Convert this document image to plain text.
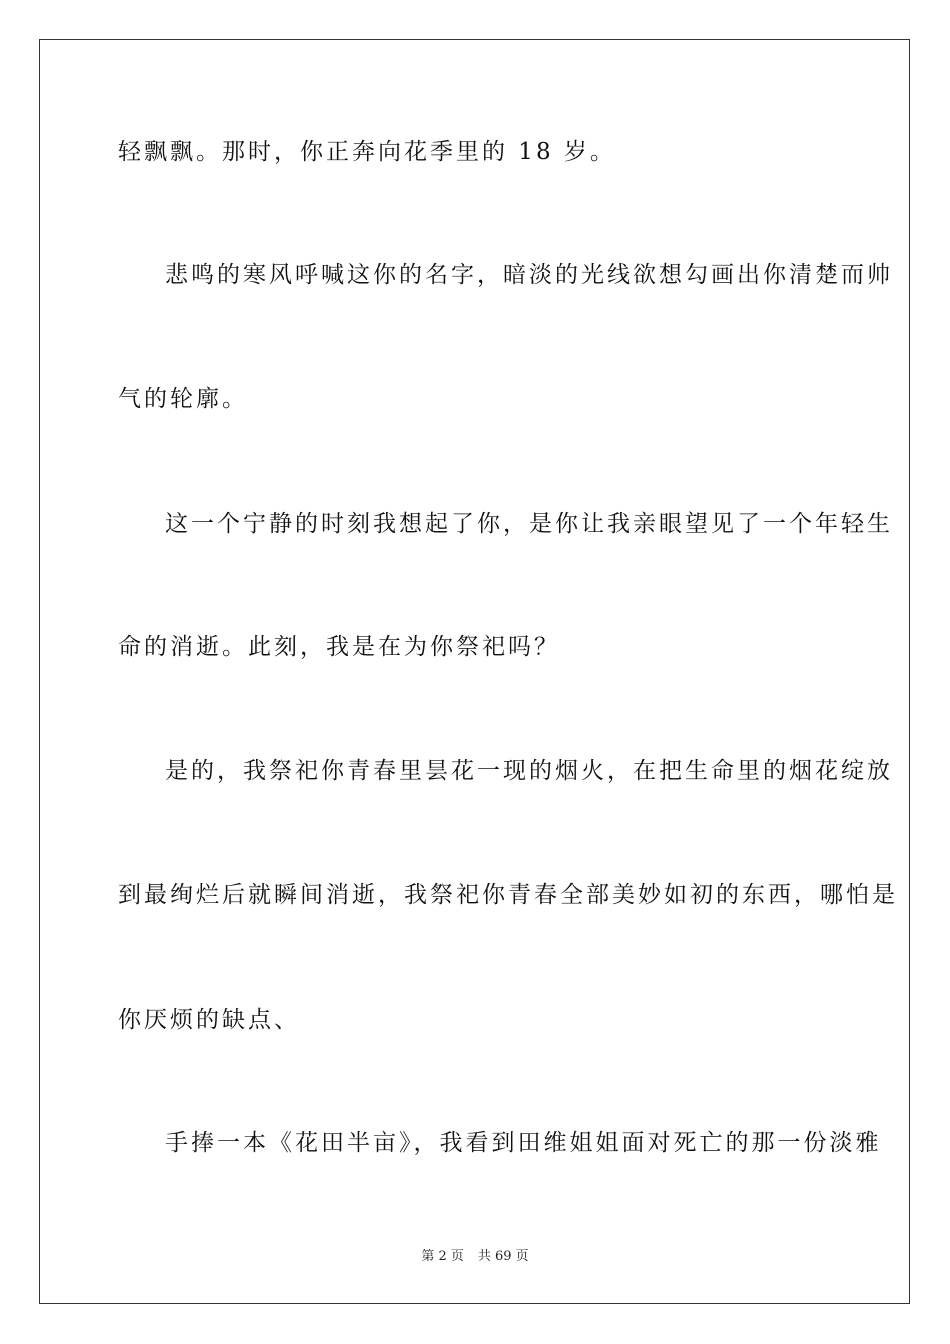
轻飘飘。那时，你正奔向花季里的 18 岁。
悲鸣的寒风呼喊这你的名字，暗淡的光线欲想勾画出你清楚而帅
气的轮廓。
这一个宁静的时刻我想起了你，是你让我亲眼望见了一个年轻生
命的消逝。此刻，我是在为你祭祀吗？
是的，我祭祀你青春里昙花一现的烟火，在把生命里的烟花绽放
到最绚烂后就瞬间消逝，我祭祀你青春全部美妙如初的东西，哪怕是
你厌烦的缺点、
手捧一本《花田半亩》，我看到田维姐姐面对死亡的那一份淡雅
第 2 页 共 69 页
